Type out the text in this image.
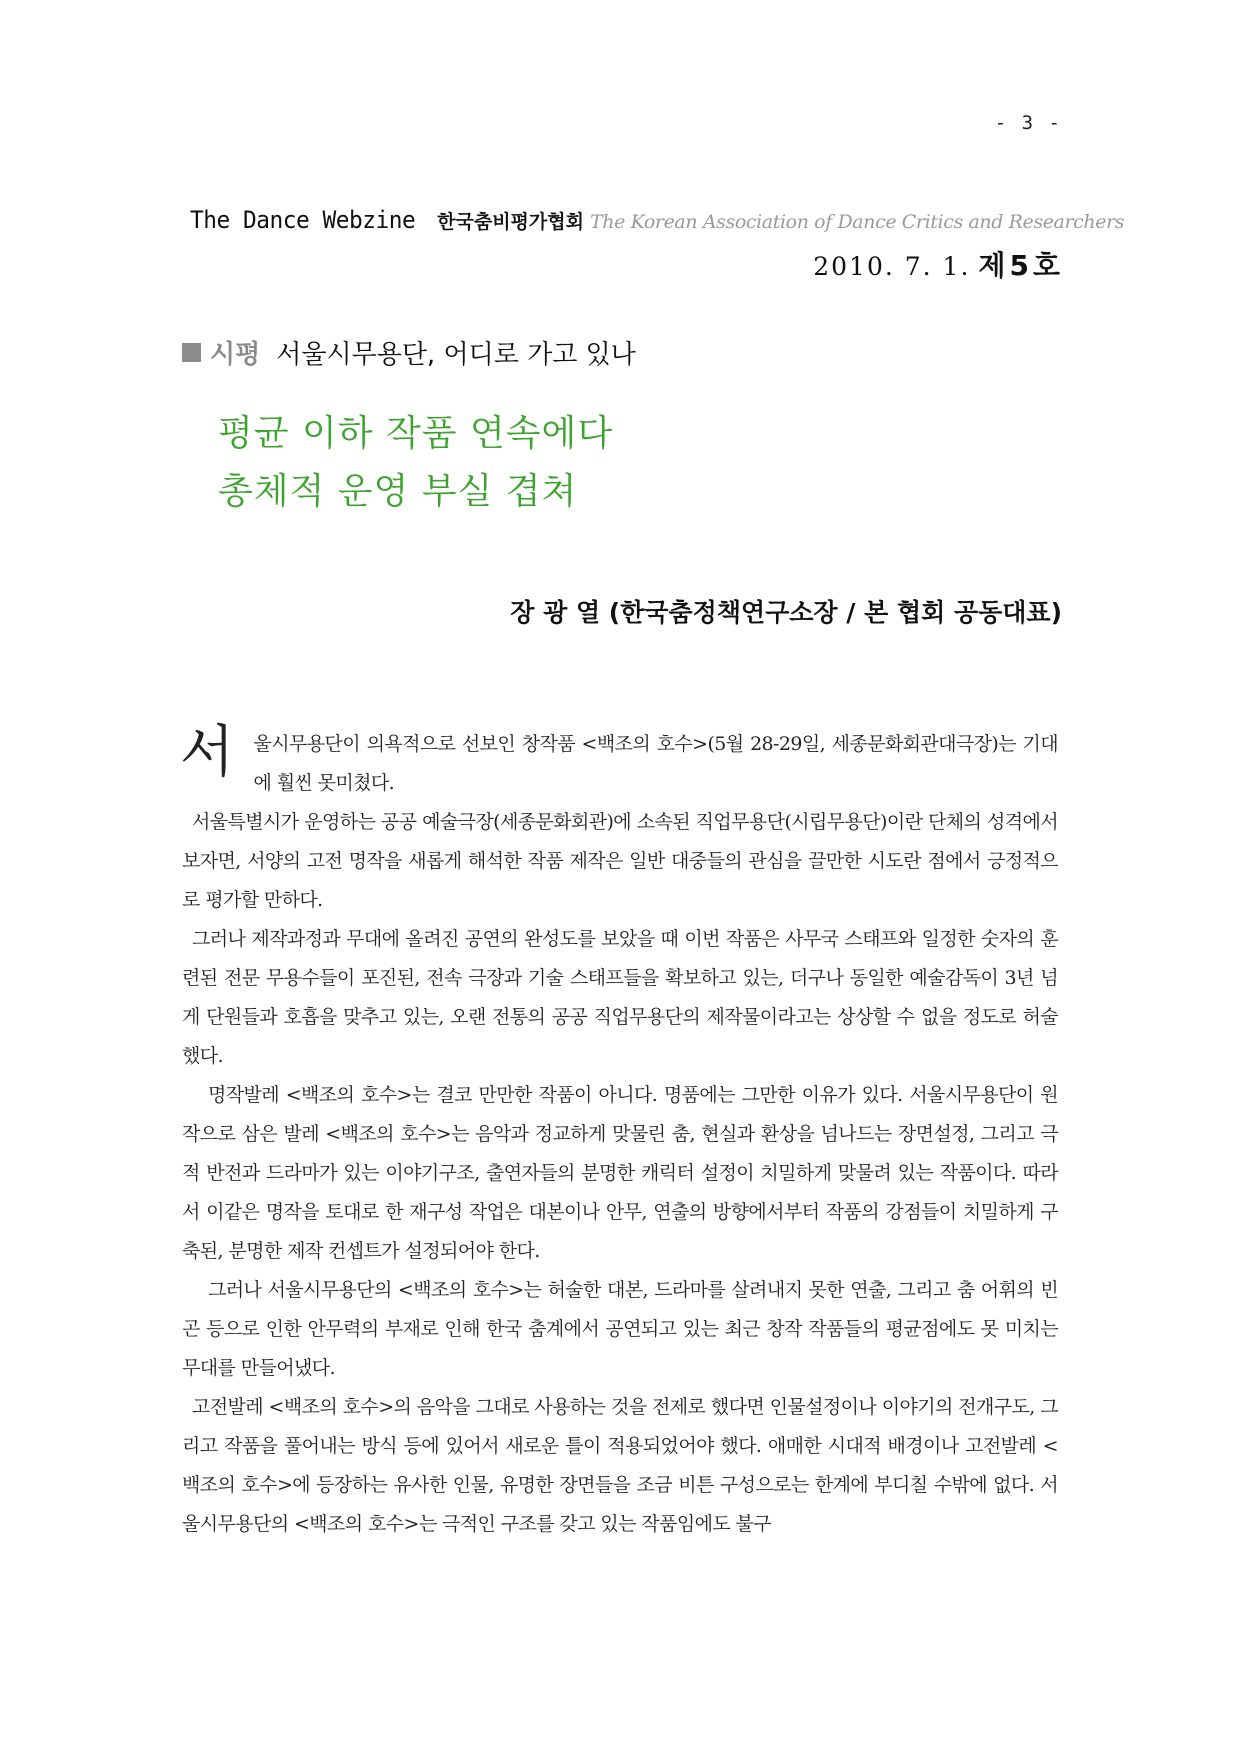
- 3 -
The Dance Webzine 한국춤비평가협회 The Korean Association of Dance Critics and Researchers
2010. 7. 1. 제5호
시평 서울시무용단, 어디로 가고 있나
평균 이하 작품 연속에다
총체적 운영 부실 겹쳐
장 광 열 (한국춤정책연구소장 / 본 협회 공동대표)

서 울시무용단이 의욕적으로 선보인 창작품 <백조의 호수>(5월 28-29일, 세종문화회관대극장)는 기대에 훨씬 못미쳤다.

서울특별시가 운영하는 공공 예술극장(세종문화회관)에 소속된 직업무용단(시립무용단)이란 단체의 성격에서 보자면, 서양의 고전 명작을 새롭게 해석한 작품 제작은 일반 대중들의 관심을 끌만한 시도란 점에서 긍정적으로 평가할 만하다.

그러나 제작과정과 무대에 올려진 공연의 완성도를 보았을 때 이번 작품은 사무국 스태프와 일정한 숫자의 훈련된 전문 무용수들이 포진된, 전속 극장과 기술 스태프들을 확보하고 있는, 더구나 동일한 예술감독이 3년 넘게 단원들과 호흡을 맞추고 있는, 오랜 전통의 공공 직업무용단의 제작물이라고는 상상할 수 없을 정도로 허술했다.

명작발레 <백조의 호수>는 결코 만만한 작품이 아니다. 명품에는 그만한 이유가 있다. 서울시무용단이 원작으로 삼은 발레 <백조의 호수>는 음악과 정교하게 맞물린 춤, 현실과 환상을 넘나드는 장면설정, 그리고 극적 반전과 드라마가 있는 이야기구조, 출연자들의 분명한 캐릭터 설정이 치밀하게 맞물려 있는 작품이다. 따라서 이같은 명작을 토대로 한 재구성 작업은 대본이나 안무, 연출의 방향에서부터 작품의 강점들이 치밀하게 구축된, 분명한 제작 컨셉트가 설정되어야 한다.

그러나 서울시무용단의 <백조의 호수>는 허술한 대본, 드라마를 살려내지 못한 연출, 그리고 춤 어휘의 빈곤 등으로 인한 안무력의 부재로 인해 한국 춤계에서 공연되고 있는 최근 창작 작품들의 평균점에도 못 미치는 무대를 만들어냈다.

고전발레 <백조의 호수>의 음악을 그대로 사용하는 것을 전제로 했다면 인물설정이나 이야기의 전개구도, 그리고 작품을 풀어내는 방식 등에 있어서 새로운 틀이 적용되었어야 했다. 애매한 시대적 배경이나 고전발레 <백조의 호수>에 등장하는 유사한 인물, 유명한 장면들을 조금 비튼 구성으로는 한계에 부디칠 수밖에 없다. 서울시무용단의 <백조의 호수>는 극적인 구조를 갖고 있는 작품임에도 불구
